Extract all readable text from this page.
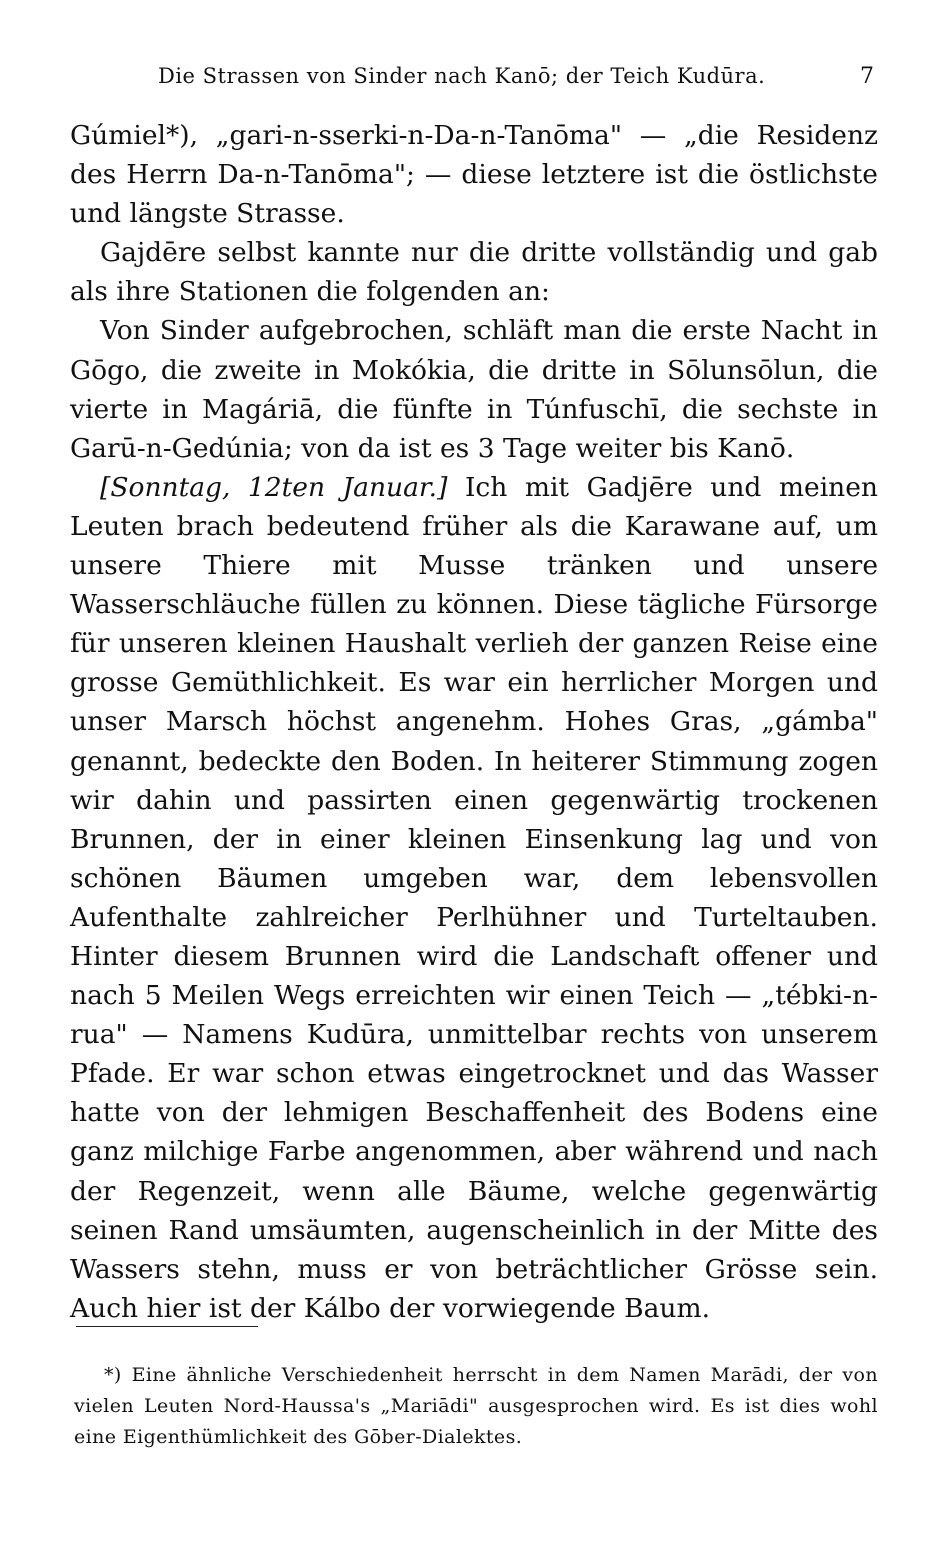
Die Strassen von Sinder nach Kanō; der Teich Kudūra.	7

Gúmiel*), „gari-n-sserki-n-Da-n-Tanōma" — „die Residenz des Herrn Da-n-Tanōma"; — diese letztere ist die östlichste und längste Strasse.

Gajdēre selbst kannte nur die dritte vollständig und gab als ihre Stationen die folgenden an:

Von Sinder aufgebrochen, schläft man die erste Nacht in Gōgo, die zweite in Mokókia, die dritte in Sōlunsōlun, die vierte in Magáriā, die fünfte in Túnfuschī, die sechste in Garū-n-Gedúnia; von da ist es 3 Tage weiter bis Kanō.

[Sonntag, 12ten Januar.] Ich mit Gadjēre und meinen Leuten brach bedeutend früher als die Karawane auf, um unsere Thiere mit Musse tränken und unsere Wasserschläuche füllen zu können. Diese tägliche Fürsorge für unseren kleinen Haushalt verlieh der ganzen Reise eine grosse Gemüthlichkeit. Es war ein herrlicher Morgen und unser Marsch höchst angenehm. Hohes Gras, „gámba" genannt, bedeckte den Boden. In heiterer Stimmung zogen wir dahin und passirten einen gegenwärtig trockenen Brunnen, der in einer kleinen Einsenkung lag und von schönen Bäumen umgeben war, dem lebensvollen Aufenthalte zahlreicher Perlhühner und Turteltauben. Hinter diesem Brunnen wird die Landschaft offener und nach 5 Meilen Wegs erreichten wir einen Teich — „tébki-n-rua" — Namens Kudūra, unmittelbar rechts von unserem Pfade. Er war schon etwas eingetrocknet und das Wasser hatte von der lehmigen Beschaffenheit des Bodens eine ganz milchige Farbe angenommen, aber während und nach der Regenzeit, wenn alle Bäume, welche gegenwärtig seinen Rand umsäumten, augenscheinlich in der Mitte des Wassers stehn, muss er von beträchtlicher Grösse sein. Auch hier ist der Kálbo der vorwiegende Baum.

*) Eine ähnliche Verschiedenheit herrscht in dem Namen Marādi, der von vielen Leuten Nord-Haussa's „Mariādi" ausgesprochen wird. Es ist dies wohl eine Eigenthümlichkeit des Gōber-Dialektes.
